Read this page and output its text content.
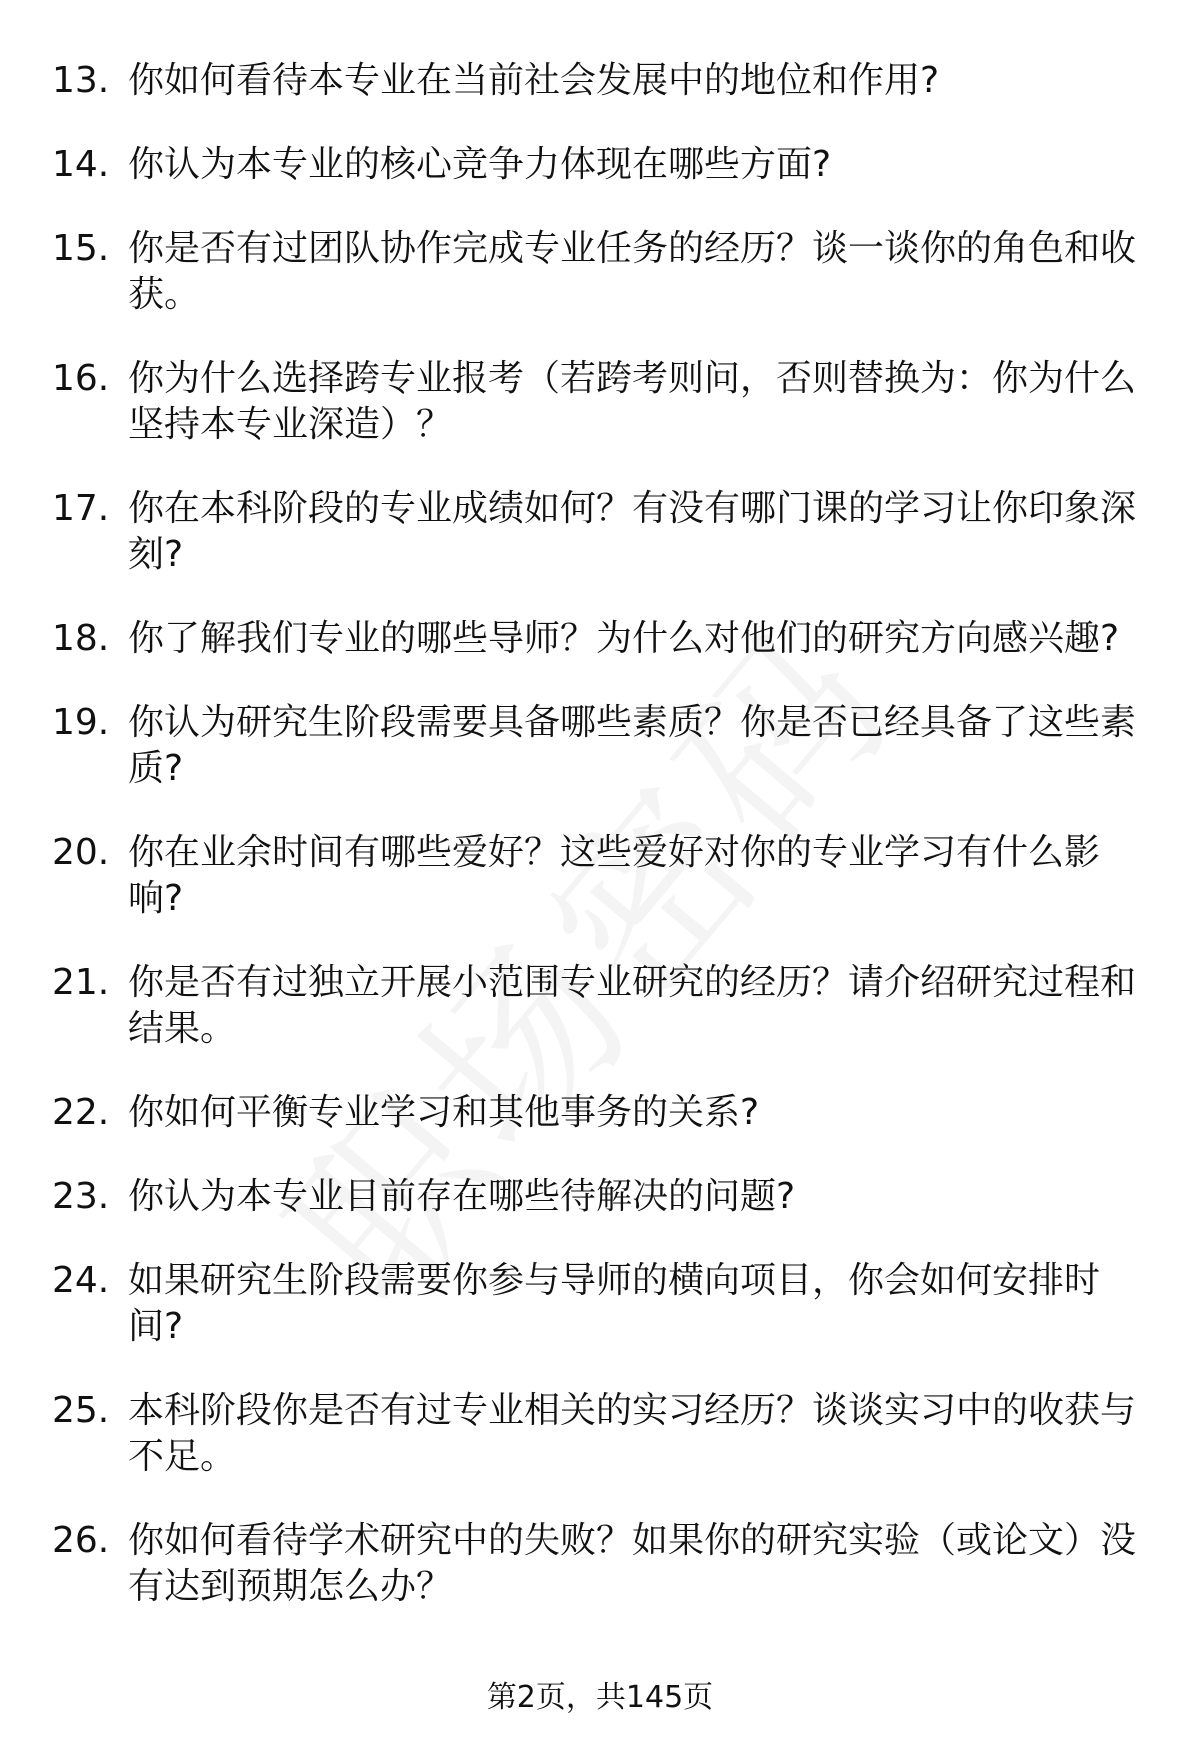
13. 你如何看待本专业在当前社会发展中的地位和作用?
14. 你认为本专业的核心竞争力体现在哪些方面?
15. 你是否有过团队协作完成专业任务的经历？谈一谈你的角色和收获。
16. 你为什么选择跨专业报考（若跨考则问，否则替换为：你为什么坚持本专业深造）？
17. 你在本科阶段的专业成绩如何？有没有哪门课的学习让你印象深刻?
18. 你了解我们专业的哪些导师？为什么对他们的研究方向感兴趣?
19. 你认为研究生阶段需要具备哪些素质？你是否已经具备了这些素质?
20. 你在业余时间有哪些爱好？这些爱好对你的专业学习有什么影响?
21. 你是否有过独立开展小范围专业研究的经历？请介绍研究过程和结果。
22. 你如何平衡专业学习和其他事务的关系?
23. 你认为本专业目前存在哪些待解决的问题?
24. 如果研究生阶段需要你参与导师的横向项目，你会如何安排时间?
25. 本科阶段你是否有过专业相关的实习经历？谈谈实习中的收获与不足。
26. 你如何看待学术研究中的失败？如果你的研究实验（或论文）没有达到预期怎么办？
第2页，共145页
